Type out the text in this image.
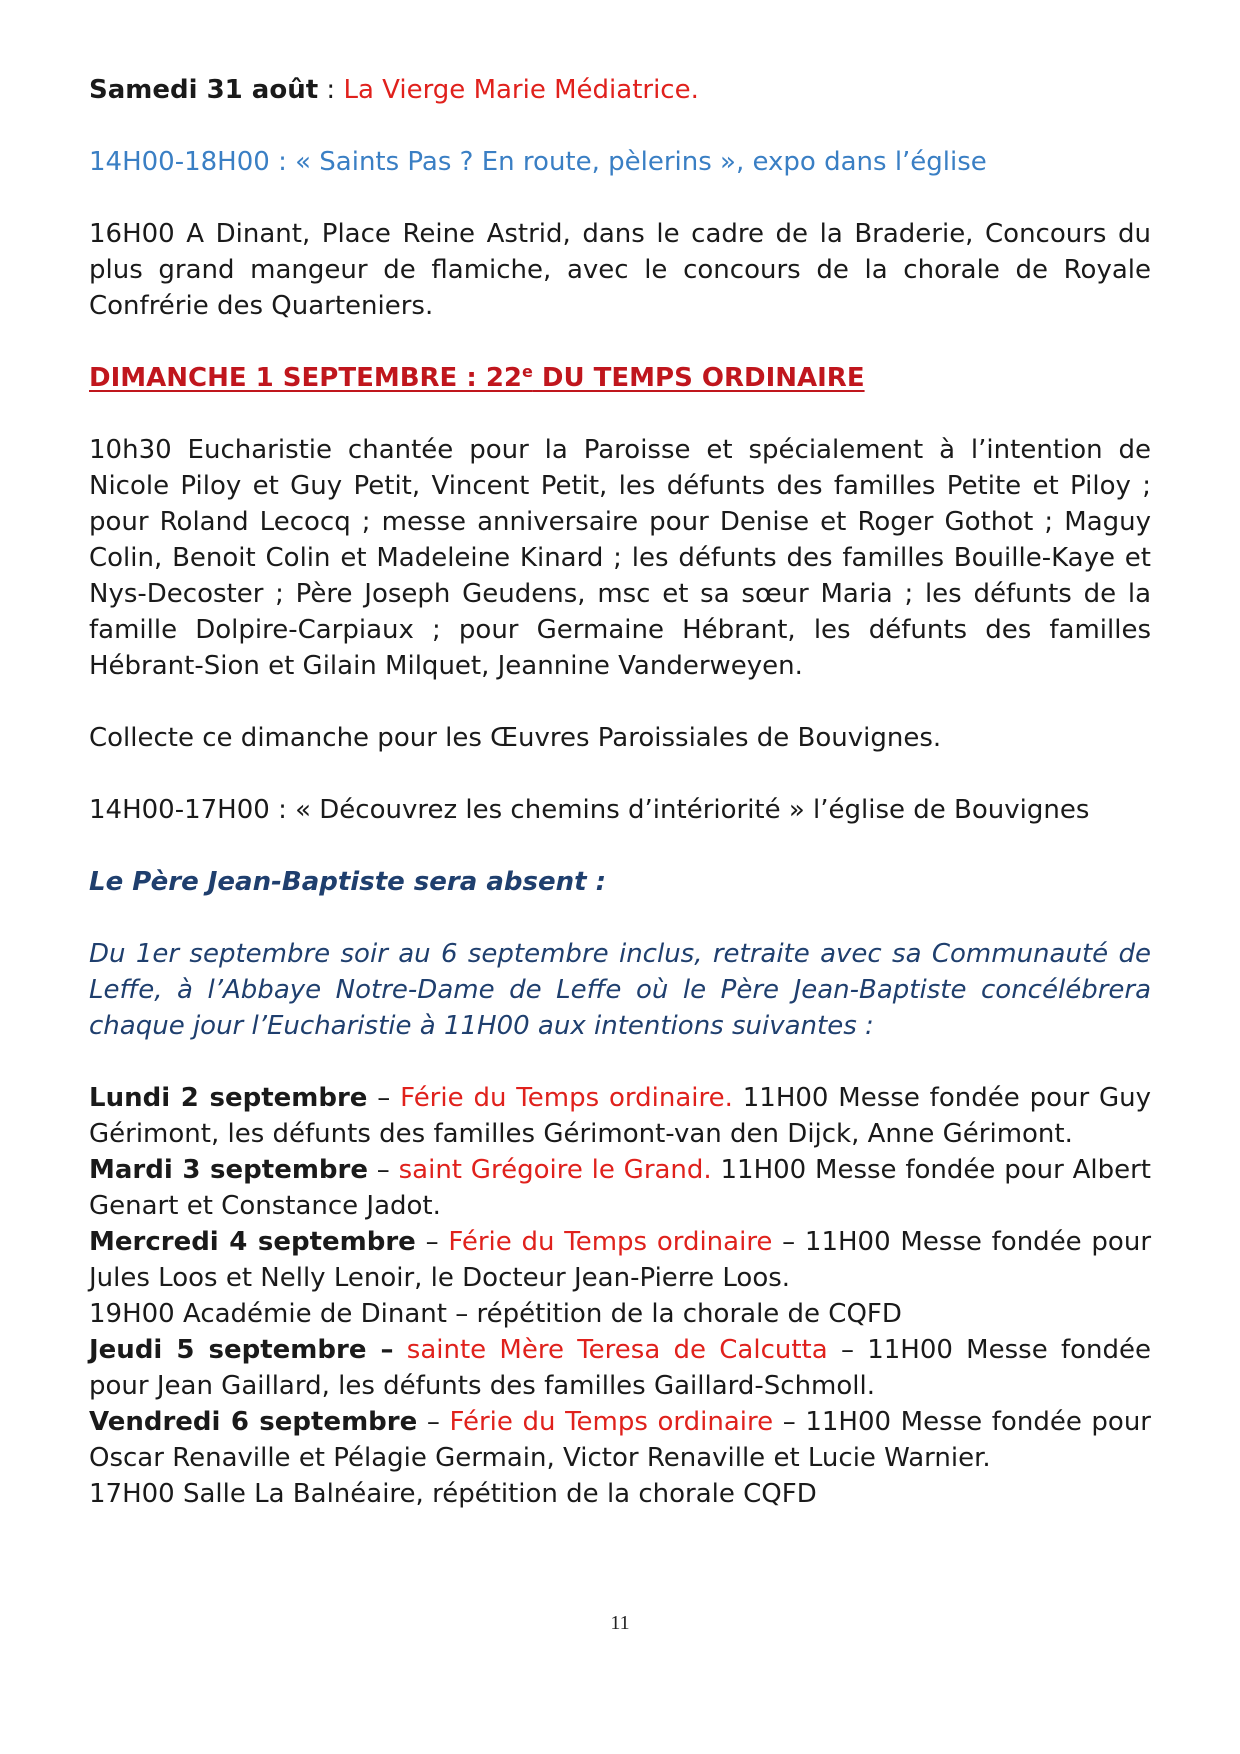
Samedi 31 août : La Vierge Marie Médiatrice.

14H00-18H00 : « Saints Pas ? En route, pèlerins », expo dans l’église

16H00 A Dinant, Place Reine Astrid, dans le cadre de la Braderie, Concours du plus grand mangeur de flamiche, avec le concours de la chorale de Royale Confrérie des Quarteniers.

DIMANCHE 1 SEPTEMBRE : 22e DU TEMPS ORDINAIRE

10h30 Eucharistie chantée pour la Paroisse et spécialement à l’intention de Nicole Piloy et Guy Petit, Vincent Petit, les défunts des familles Petite et Piloy ; pour Roland Lecocq ; messe anniversaire pour Denise et Roger Gothot ; Maguy Colin, Benoit Colin et Madeleine Kinard ; les défunts des familles Bouille-Kaye et Nys-Decoster ; Père Joseph Geudens, msc et sa sœur Maria ; les défunts de la famille Dolpire-Carpiaux ; pour Germaine Hébrant, les défunts des familles Hébrant-Sion et Gilain Milquet, Jeannine Vanderweyen.

Collecte ce dimanche pour les Œuvres Paroissiales de Bouvignes.

14H00-17H00 : « Découvrez les chemins d’intériorité » l’église de Bouvignes

Le Père Jean-Baptiste sera absent :

Du 1er septembre soir au 6 septembre inclus, retraite avec sa Communauté de Leffe, à l’Abbaye Notre-Dame de Leffe où le Père Jean-Baptiste concélébrera chaque jour l’Eucharistie à 11H00 aux intentions suivantes :

Lundi 2 septembre – Férie du Temps ordinaire. 11H00 Messe fondée pour Guy Gérimont, les défunts des familles Gérimont-van den Dijck, Anne Gérimont.

Mardi 3 septembre – saint Grégoire le Grand. 11H00 Messe fondée pour Albert Genart et Constance Jadot.

Mercredi 4 septembre – Férie du Temps ordinaire – 11H00 Messe fondée pour Jules Loos et Nelly Lenoir, le Docteur Jean-Pierre Loos.

19H00 Académie de Dinant – répétition de la chorale de CQFD

Jeudi 5 septembre – sainte Mère Teresa de Calcutta – 11H00 Messe fondée pour Jean Gaillard, les défunts des familles Gaillard-Schmoll.

Vendredi 6 septembre – Férie du Temps ordinaire – 11H00 Messe fondée pour Oscar Renaville et Pélagie Germain, Victor Renaville et Lucie Warnier.

17H00 Salle La Balnéaire, répétition de la chorale CQFD

11
